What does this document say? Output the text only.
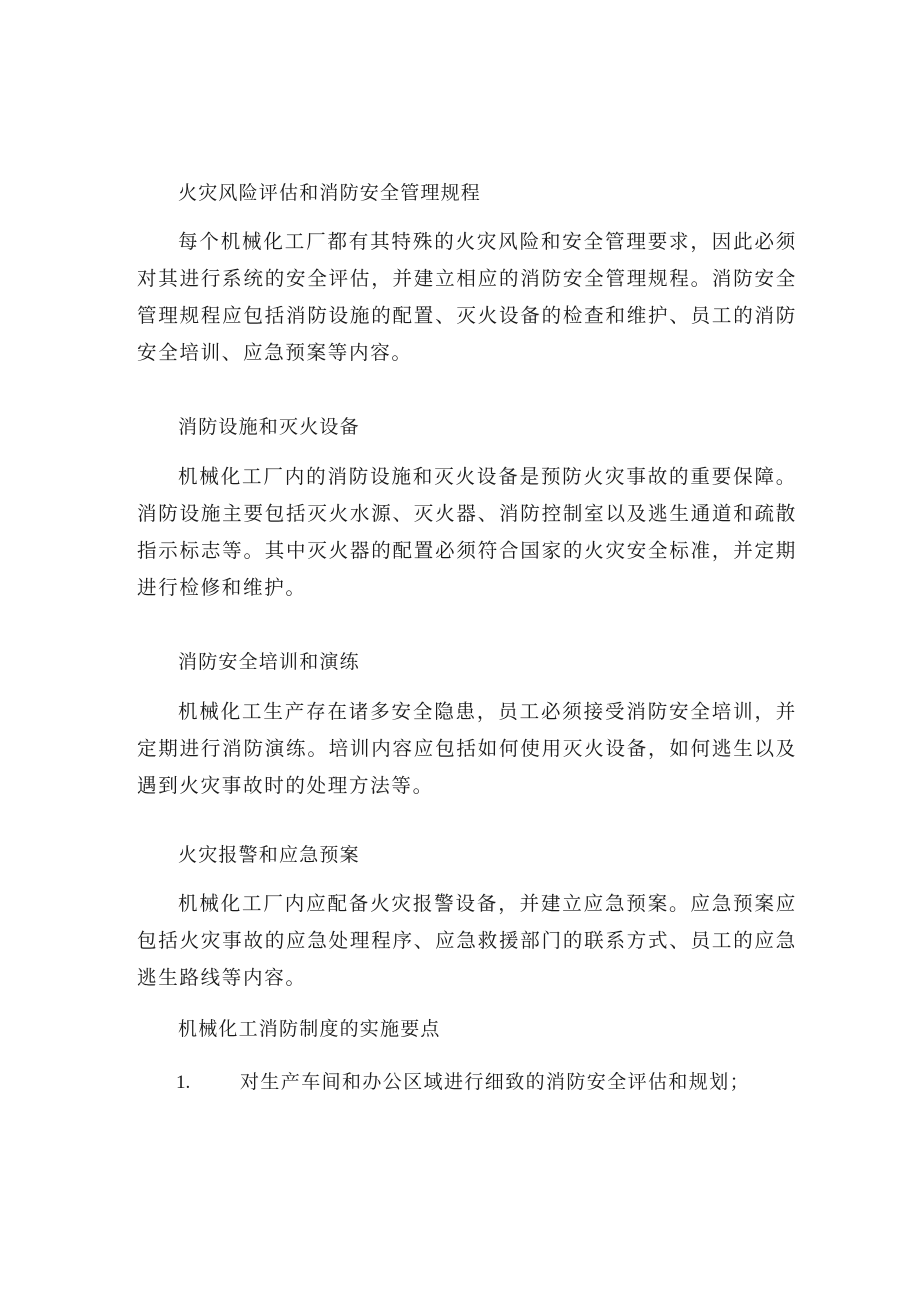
火灾风险评估和消防安全管理规程

每个机械化工厂都有其特殊的火灾风险和安全管理要求，因此必须对其进行系统的安全评估，并建立相应的消防安全管理规程。消防安全管理规程应包括消防设施的配置、灭火设备的检查和维护、员工的消防安全培训、应急预案等内容。

消防设施和灭火设备

机械化工厂内的消防设施和灭火设备是预防火灾事故的重要保障。消防设施主要包括灭火水源、灭火器、消防控制室以及逃生通道和疏散指示标志等。其中灭火器的配置必须符合国家的火灾安全标准，并定期进行检修和维护。

消防安全培训和演练

机械化工生产存在诸多安全隐患，员工必须接受消防安全培训，并定期进行消防演练。培训内容应包括如何使用灭火设备，如何逃生以及遇到火灾事故时的处理方法等。

火灾报警和应急预案

机械化工厂内应配备火灾报警设备，并建立应急预案。应急预案应包括火灾事故的应急处理程序、应急救援部门的联系方式、员工的应急逃生路线等内容。

机械化工消防制度的实施要点
1.	对生产车间和办公区域进行细致的消防安全评估和规划；
